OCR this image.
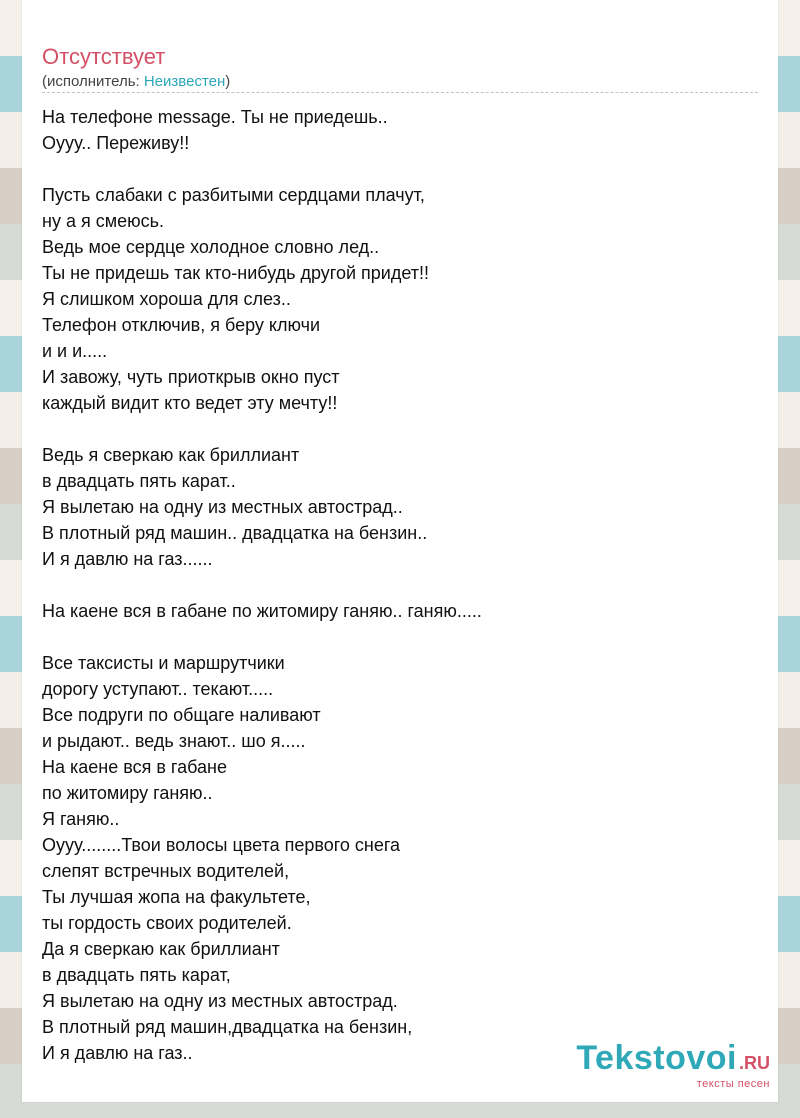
Отсутствует
(исполнитель: Неизвестен)
На телефоне message. Ты не приедешь..
Оууу.. Переживу!!
Пусть слабаки с разбитыми сердцами плачут,
ну а я смеюсь.
Ведь мое сердце холодное словно лед..
Ты не придешь так кто-нибудь другой придет!!
Я слишком хороша для слез..
Телефон отключив, я беру ключи
и и и.....
И завожу, чуть приоткрыв окно пуст
каждый видит кто ведет эту мечту!!
Ведь я сверкаю как бриллиант
в двадцать пять карат..
Я вылетаю на одну из местных автострад..
В плотный ряд машин.. двадцатка на бензин..
И я давлю на газ......
На каене вся в габане по житомиру ганяю.. ганяю.....
Все таксисты и маршрутчики
дорогу уступают.. текают.....
Все подруги по общаге наливают
и рыдают.. ведь знают.. шо я.....
На каене вся в габане
по житомиру ганяю..
Я ганяю..
Оууу........Твои волосы цвета первого снега
слепят встречных водителей,
Ты лучшая жопа на факультете,
ты гордость своих родителей.
Да я сверкаю как бриллиант
в двадцать пять карат,
Я вылетаю на одну из местных автострад.
В плотный ряд машин,двадцатка на бензин,
И я давлю на газ..	Tekstovoi .RU
тексты песен
